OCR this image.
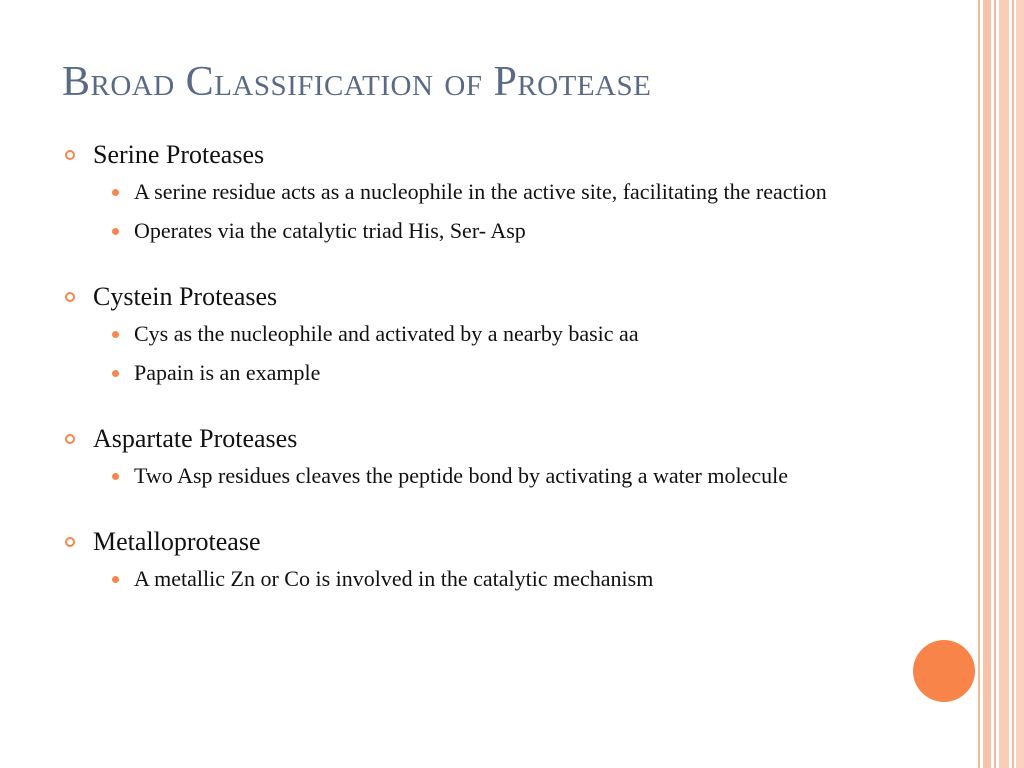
Broad Classification of Protease
Serine Proteases
A serine residue acts as a nucleophile in the active site, facilitating the reaction
Operates via the catalytic triad His, Ser- Asp
Cystein Proteases
Cys as the nucleophile and activated by a nearby basic aa
Papain is an example
Aspartate Proteases
Two Asp residues cleaves the peptide bond by activating a water molecule
Metalloprotease
A metallic Zn or Co is involved in the catalytic mechanism
